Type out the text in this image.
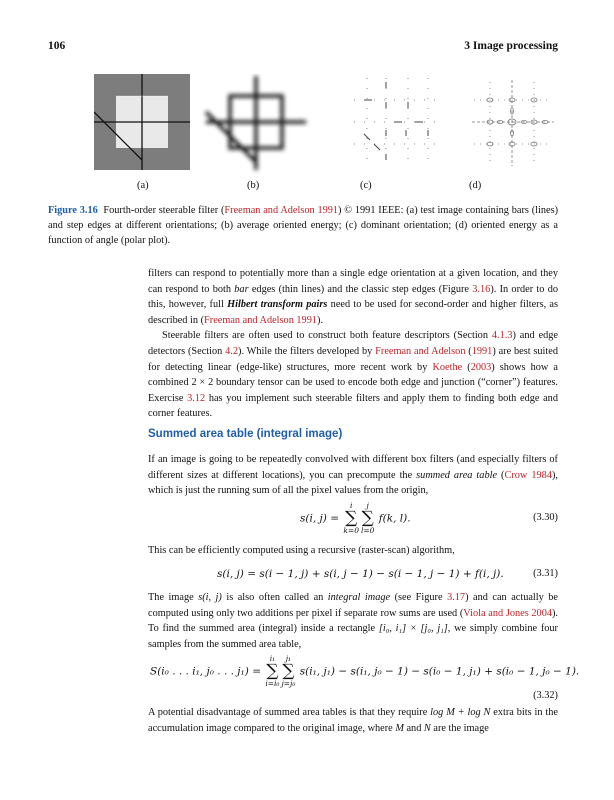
106	3 Image processing
(a)	(b)	(c)	(d)
Figure 3.16 Fourth-order steerable filter (Freeman and Adelson 1991) © 1991 IEEE: (a) test image containing bars (lines) and step edges at different orientations; (b) average oriented energy; (c) dominant orientation; (d) oriented energy as a function of angle (polar plot).

filters can respond to potentially more than a single edge orientation at a given location, and they can respond to both bar edges (thin lines) and the classic step edges (Figure 3.16). In order to do this, however, full Hilbert transform pairs need to be used for second-order and higher filters, as described in (Freeman and Adelson 1991).

Steerable filters are often used to construct both feature descriptors (Section 4.1.3) and edge detectors (Section 4.2). While the filters developed by Freeman and Adelson (1991) are best suited for detecting linear (edge-like) structures, more recent work by Koethe (2003) shows how a combined 2 × 2 boundary tensor can be used to encode both edge and junction (“corner”) features. Exercise 3.12 has you implement such steerable filters and apply them to finding both edge and corner features.

Summed area table (integral image)
If an image is going to be repeatedly convolved with different box filters (and especially filters of different sizes at different locations), you can precompute the summed area table (Crow 1984), which is just the running sum of all the pixel values from the origin,
s(i, j) =
i
∑
k=0
j
∑
l=0
f(k, l).	(3.30)
This can be efficiently computed using a recursive (raster-scan) algorithm,
s(i, j) = s(i − 1, j) + s(i, j − 1) − s(i − 1, j − 1) + f(i, j).	(3.31)
The image s(i, j) is also often called an integral image (see Figure 3.17) and can actually be computed using only two additions per pixel if separate row sums are used (Viola and Jones 2004). To find the summed area (integral) inside a rectangle [i₀, i₁] × [j₀, j₁], we simply combine four samples from the summed area table,
S(i₀ . . . i₁, j₀ . . . j₁) =
i₁
∑
i=i₀
j₁
∑
j=j₀
s(i₁, j₁) − s(i₁, j₀ − 1) − s(i₀ − 1, j₁) + s(i₀ − 1, j₀ − 1).
(3.32)
A potential disadvantage of summed area tables is that they require log M + log N extra bits in the accumulation image compared to the original image, where M and N are the image
